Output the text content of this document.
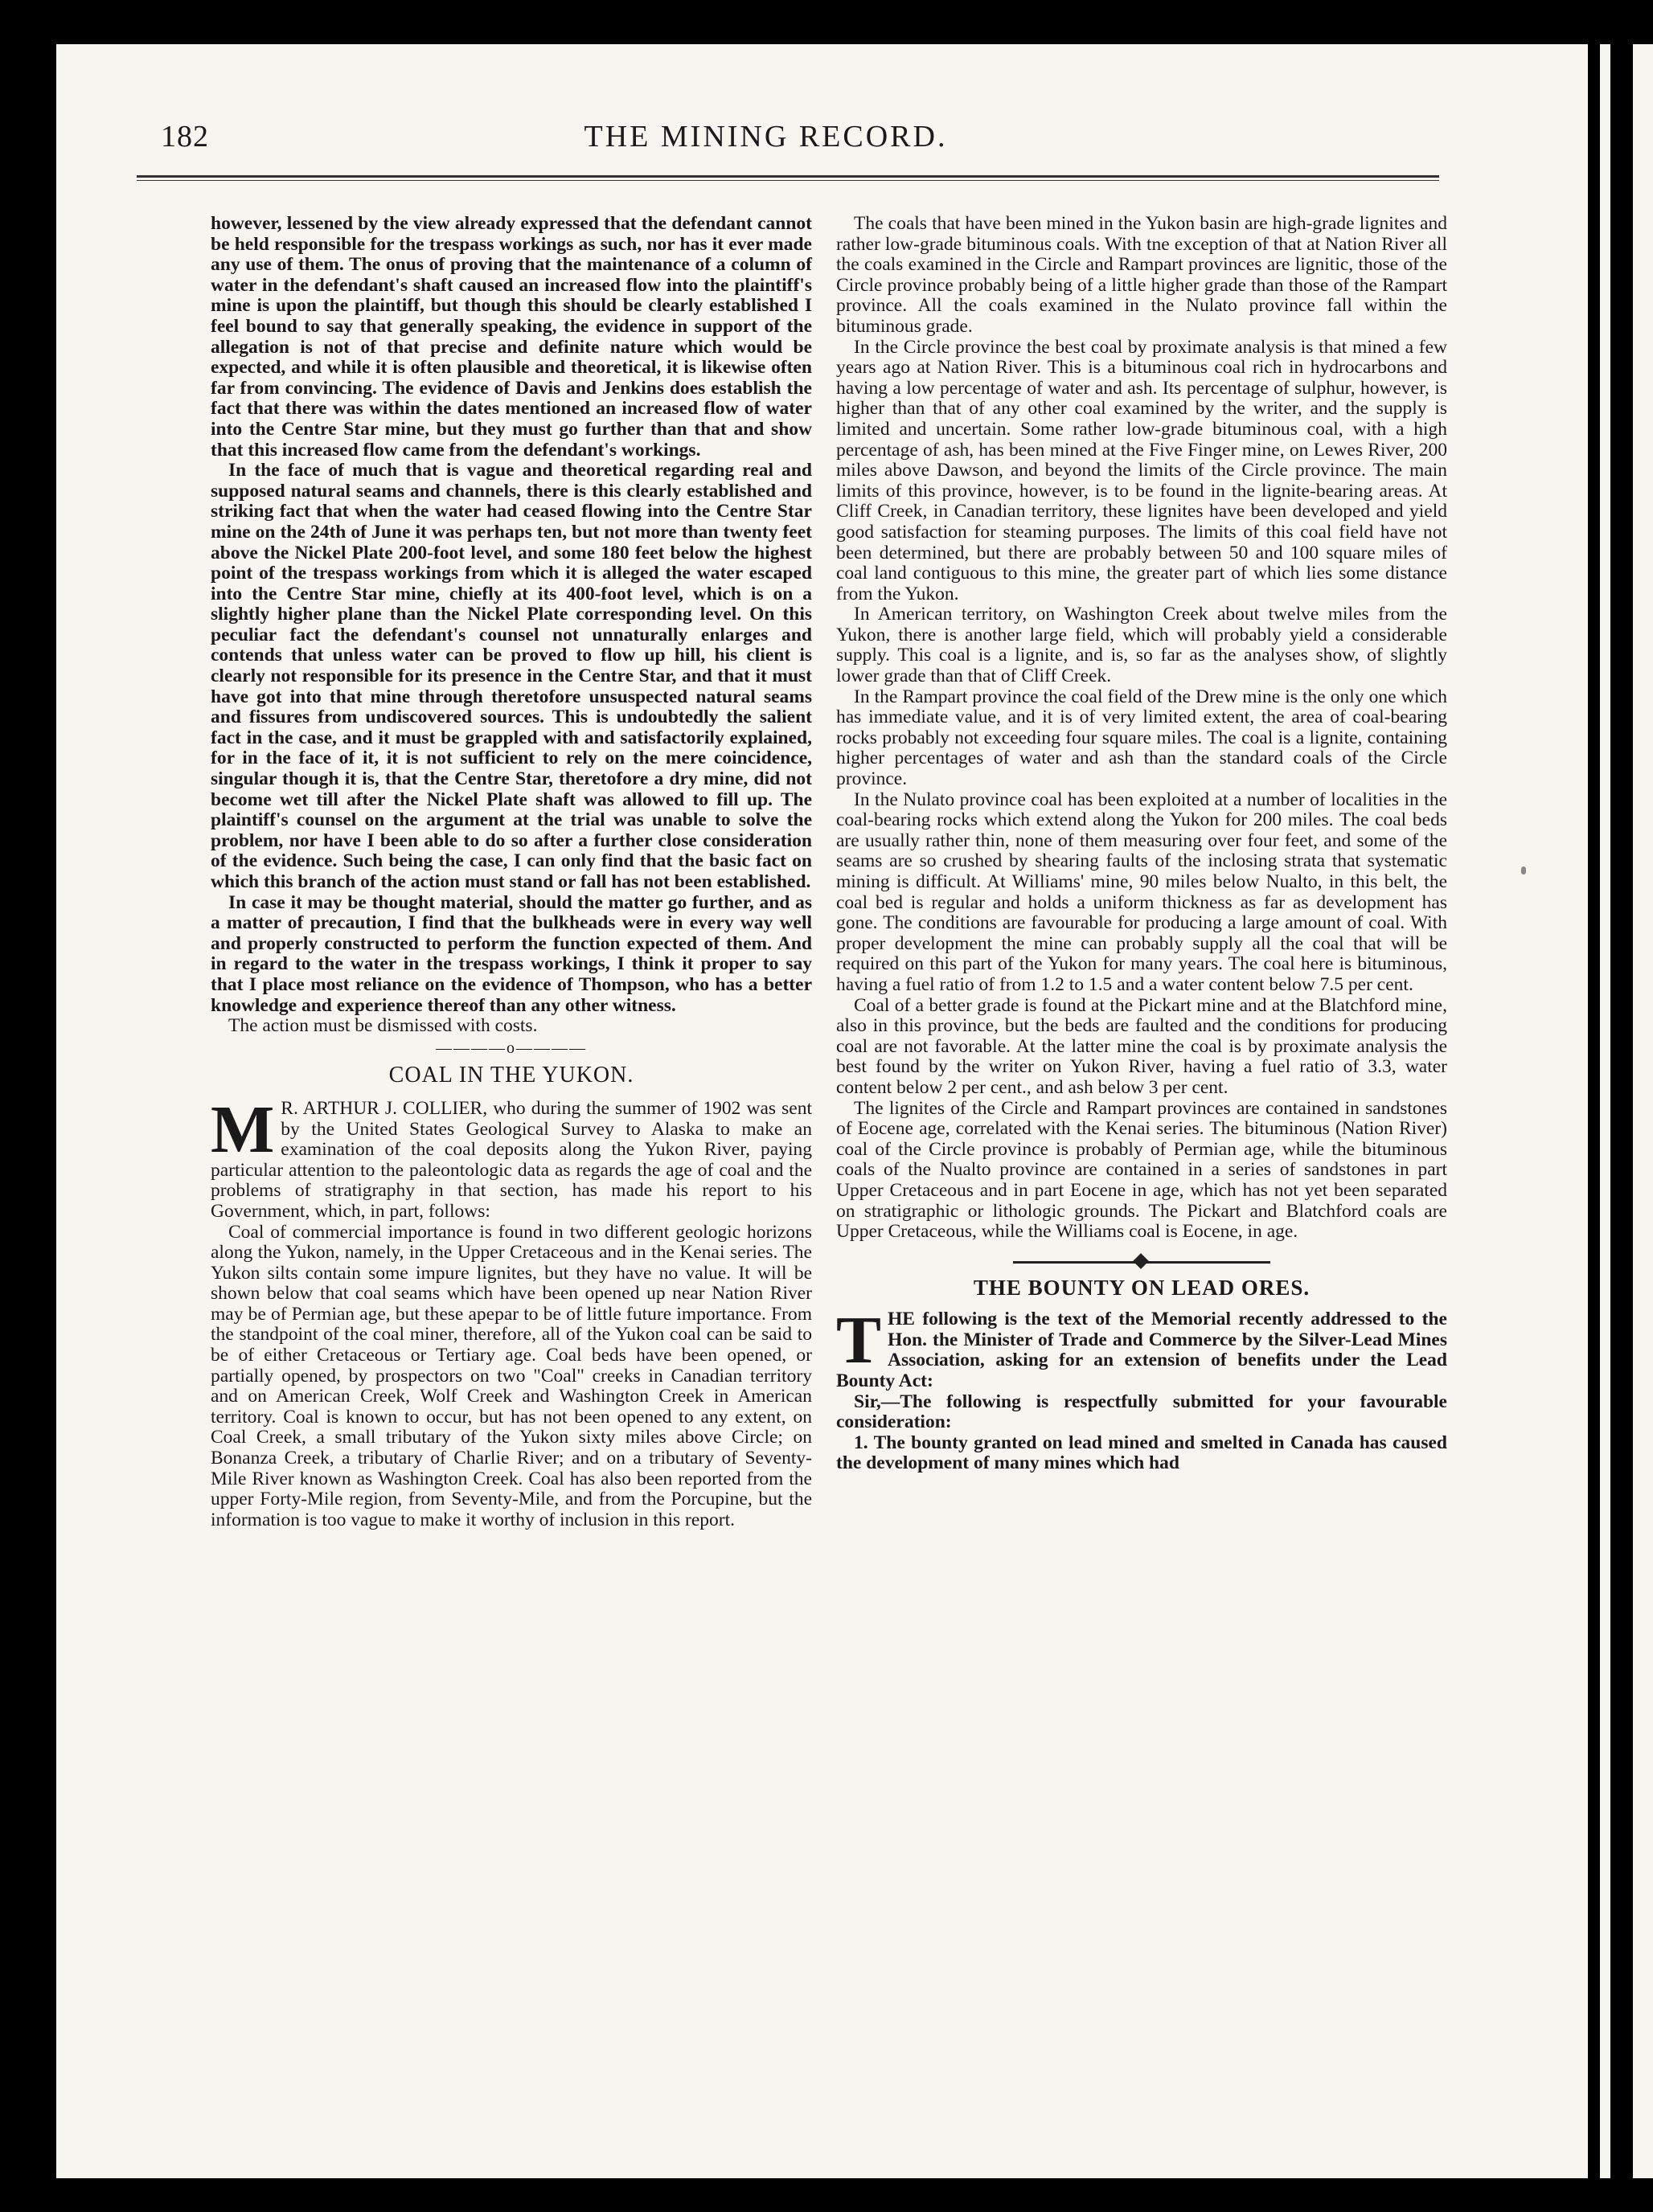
182	THE MINING RECORD.

however, lessened by the view already expressed that the defendant cannot be held responsible for the trespass workings as such, nor has it ever made any use of them. The onus of proving that the maintenance of a column of water in the defendant's shaft caused an increased flow into the plaintiff's mine is upon the plaintiff, but though this should be clearly established I feel bound to say that generally speaking, the evidence in support of the allegation is not of that precise and definite nature which would be expected, and while it is often plausible and theoretical, it is likewise often far from convincing. The evidence of Davis and Jenkins does establish the fact that there was within the dates mentioned an increased flow of water into the Centre Star mine, but they must go further than that and show that this increased flow came from the defendant's workings.

In the face of much that is vague and theoretical regarding real and supposed natural seams and channels, there is this clearly established and striking fact that when the water had ceased flowing into the Centre Star mine on the 24th of June it was perhaps ten, but not more than twenty feet above the Nickel Plate 200-foot level, and some 180 feet below the highest point of the trespass workings from which it is alleged the water escaped into the Centre Star mine, chiefly at its 400-foot level, which is on a slightly higher plane than the Nickel Plate corresponding level. On this peculiar fact the defendant's counsel not unnaturally enlarges and contends that unless water can be proved to flow up hill, his client is clearly not responsible for its presence in the Centre Star, and that it must have got into that mine through theretofore unsuspected natural seams and fissures from undiscovered sources. This is undoubtedly the salient fact in the case, and it must be grappled with and satisfactorily explained, for in the face of it, it is not sufficient to rely on the mere coincidence, singular though it is, that the Centre Star, theretofore a dry mine, did not become wet till after the Nickel Plate shaft was allowed to fill up. The plaintiff's counsel on the argument at the trial was unable to solve the problem, nor have I been able to do so after a further close consideration of the evidence. Such being the case, I can only find that the basic fact on which this branch of the action must stand or fall has not been established.

In case it may be thought material, should the matter go further, and as a matter of precaution, I find that the bulkheads were in every way well and properly constructed to perform the function expected of them. And in regard to the water in the trespass workings, I think it proper to say that I place most reliance on the evidence of Thompson, who has a better knowledge and experience thereof than any other witness.

The action must be dismissed with costs.

————o————
COAL IN THE YUKON.
M R. ARTHUR J. COLLIER, who during the summer of 1902 was sent by the United States Geological Survey to Alaska to make an examination of the coal deposits along the Yukon River, paying particular attention to the paleontologic data as regards the age of coal and the problems of stratigraphy in that section, has made his report to his Government, which, in part, follows:

Coal of commercial importance is found in two different geologic horizons along the Yukon, namely, in the Upper Cretaceous and in the Kenai series. The Yukon silts contain some impure lignites, but they have no value. It will be shown below that coal seams which have been opened up near Nation River may be of Permian age, but these apepar to be of little future importance. From the standpoint of the coal miner, therefore, all of the Yukon coal can be said to be of either Cretaceous or Tertiary age. Coal beds have been opened, or partially opened, by prospectors on two "Coal" creeks in Canadian territory and on American Creek, Wolf Creek and Washington Creek in American territory. Coal is known to occur, but has not been opened to any extent, on Coal Creek, a small tributary of the Yukon sixty miles above Circle; on Bonanza Creek, a tributary of Charlie River; and on a tributary of Seventy-Mile River known as Washington Creek. Coal has also been reported from the upper Forty-Mile region, from Seventy-Mile, and from the Porcupine, but the information is too vague to make it worthy of inclusion in this report.

The coals that have been mined in the Yukon basin are high-grade lignites and rather low-grade bituminous coals. With tne exception of that at Nation River all the coals examined in the Circle and Rampart provinces are lignitic, those of the Circle province probably being of a little higher grade than those of the Rampart province. All the coals examined in the Nulato province fall within the bituminous grade.

In the Circle province the best coal by proximate analysis is that mined a few years ago at Nation River. This is a bituminous coal rich in hydrocarbons and having a low percentage of water and ash. Its percentage of sulphur, however, is higher than that of any other coal examined by the writer, and the supply is limited and uncertain. Some rather low-grade bituminous coal, with a high percentage of ash, has been mined at the Five Finger mine, on Lewes River, 200 miles above Dawson, and beyond the limits of the Circle province. The main limits of this province, however, is to be found in the lignite-bearing areas. At Cliff Creek, in Canadian territory, these lignites have been developed and yield good satisfaction for steaming purposes. The limits of this coal field have not been determined, but there are probably between 50 and 100 square miles of coal land contiguous to this mine, the greater part of which lies some distance from the Yukon.

In American territory, on Washington Creek about twelve miles from the Yukon, there is another large field, which will probably yield a considerable supply. This coal is a lignite, and is, so far as the analyses show, of slightly lower grade than that of Cliff Creek.

In the Rampart province the coal field of the Drew mine is the only one which has immediate value, and it is of very limited extent, the area of coal-bearing rocks probably not exceeding four square miles. The coal is a lignite, containing higher percentages of water and ash than the standard coals of the Circle province.

In the Nulato province coal has been exploited at a number of localities in the coal-bearing rocks which extend along the Yukon for 200 miles. The coal beds are usually rather thin, none of them measuring over four feet, and some of the seams are so crushed by shearing faults of the inclosing strata that systematic mining is difficult. At Williams' mine, 90 miles below Nualto, in this belt, the coal bed is regular and holds a uniform thickness as far as development has gone. The conditions are favourable for producing a large amount of coal. With proper development the mine can probably supply all the coal that will be required on this part of the Yukon for many years. The coal here is bituminous, having a fuel ratio of from 1.2 to 1.5 and a water content below 7.5 per cent.

Coal of a better grade is found at the Pickart mine and at the Blatchford mine, also in this province, but the beds are faulted and the conditions for producing coal are not favorable. At the latter mine the coal is by proximate analysis the best found by the writer on Yukon River, having a fuel ratio of 3.3, water content below 2 per cent., and ash below 3 per cent.

The lignites of the Circle and Rampart provinces are contained in sandstones of Eocene age, correlated with the Kenai series. The bituminous (Nation River) coal of the Circle province is probably of Permian age, while the bituminous coals of the Nualto province are contained in a series of sandstones in part Upper Cretaceous and in part Eocene in age, which has not yet been separated on stratigraphic or lithologic grounds. The Pickart and Blatchford coals are Upper Cretaceous, while the Williams coal is Eocene, in age.

THE BOUNTY ON LEAD ORES.
T HE following is the text of the Memorial recently addressed to the Hon. the Minister of Trade and Commerce by the Silver-Lead Mines Association, asking for an extension of benefits under the Lead Bounty Act:

Sir,—The following is respectfully submitted for your favourable consideration:

1. The bounty granted on lead mined and smelted in Canada has caused the development of many mines which had
